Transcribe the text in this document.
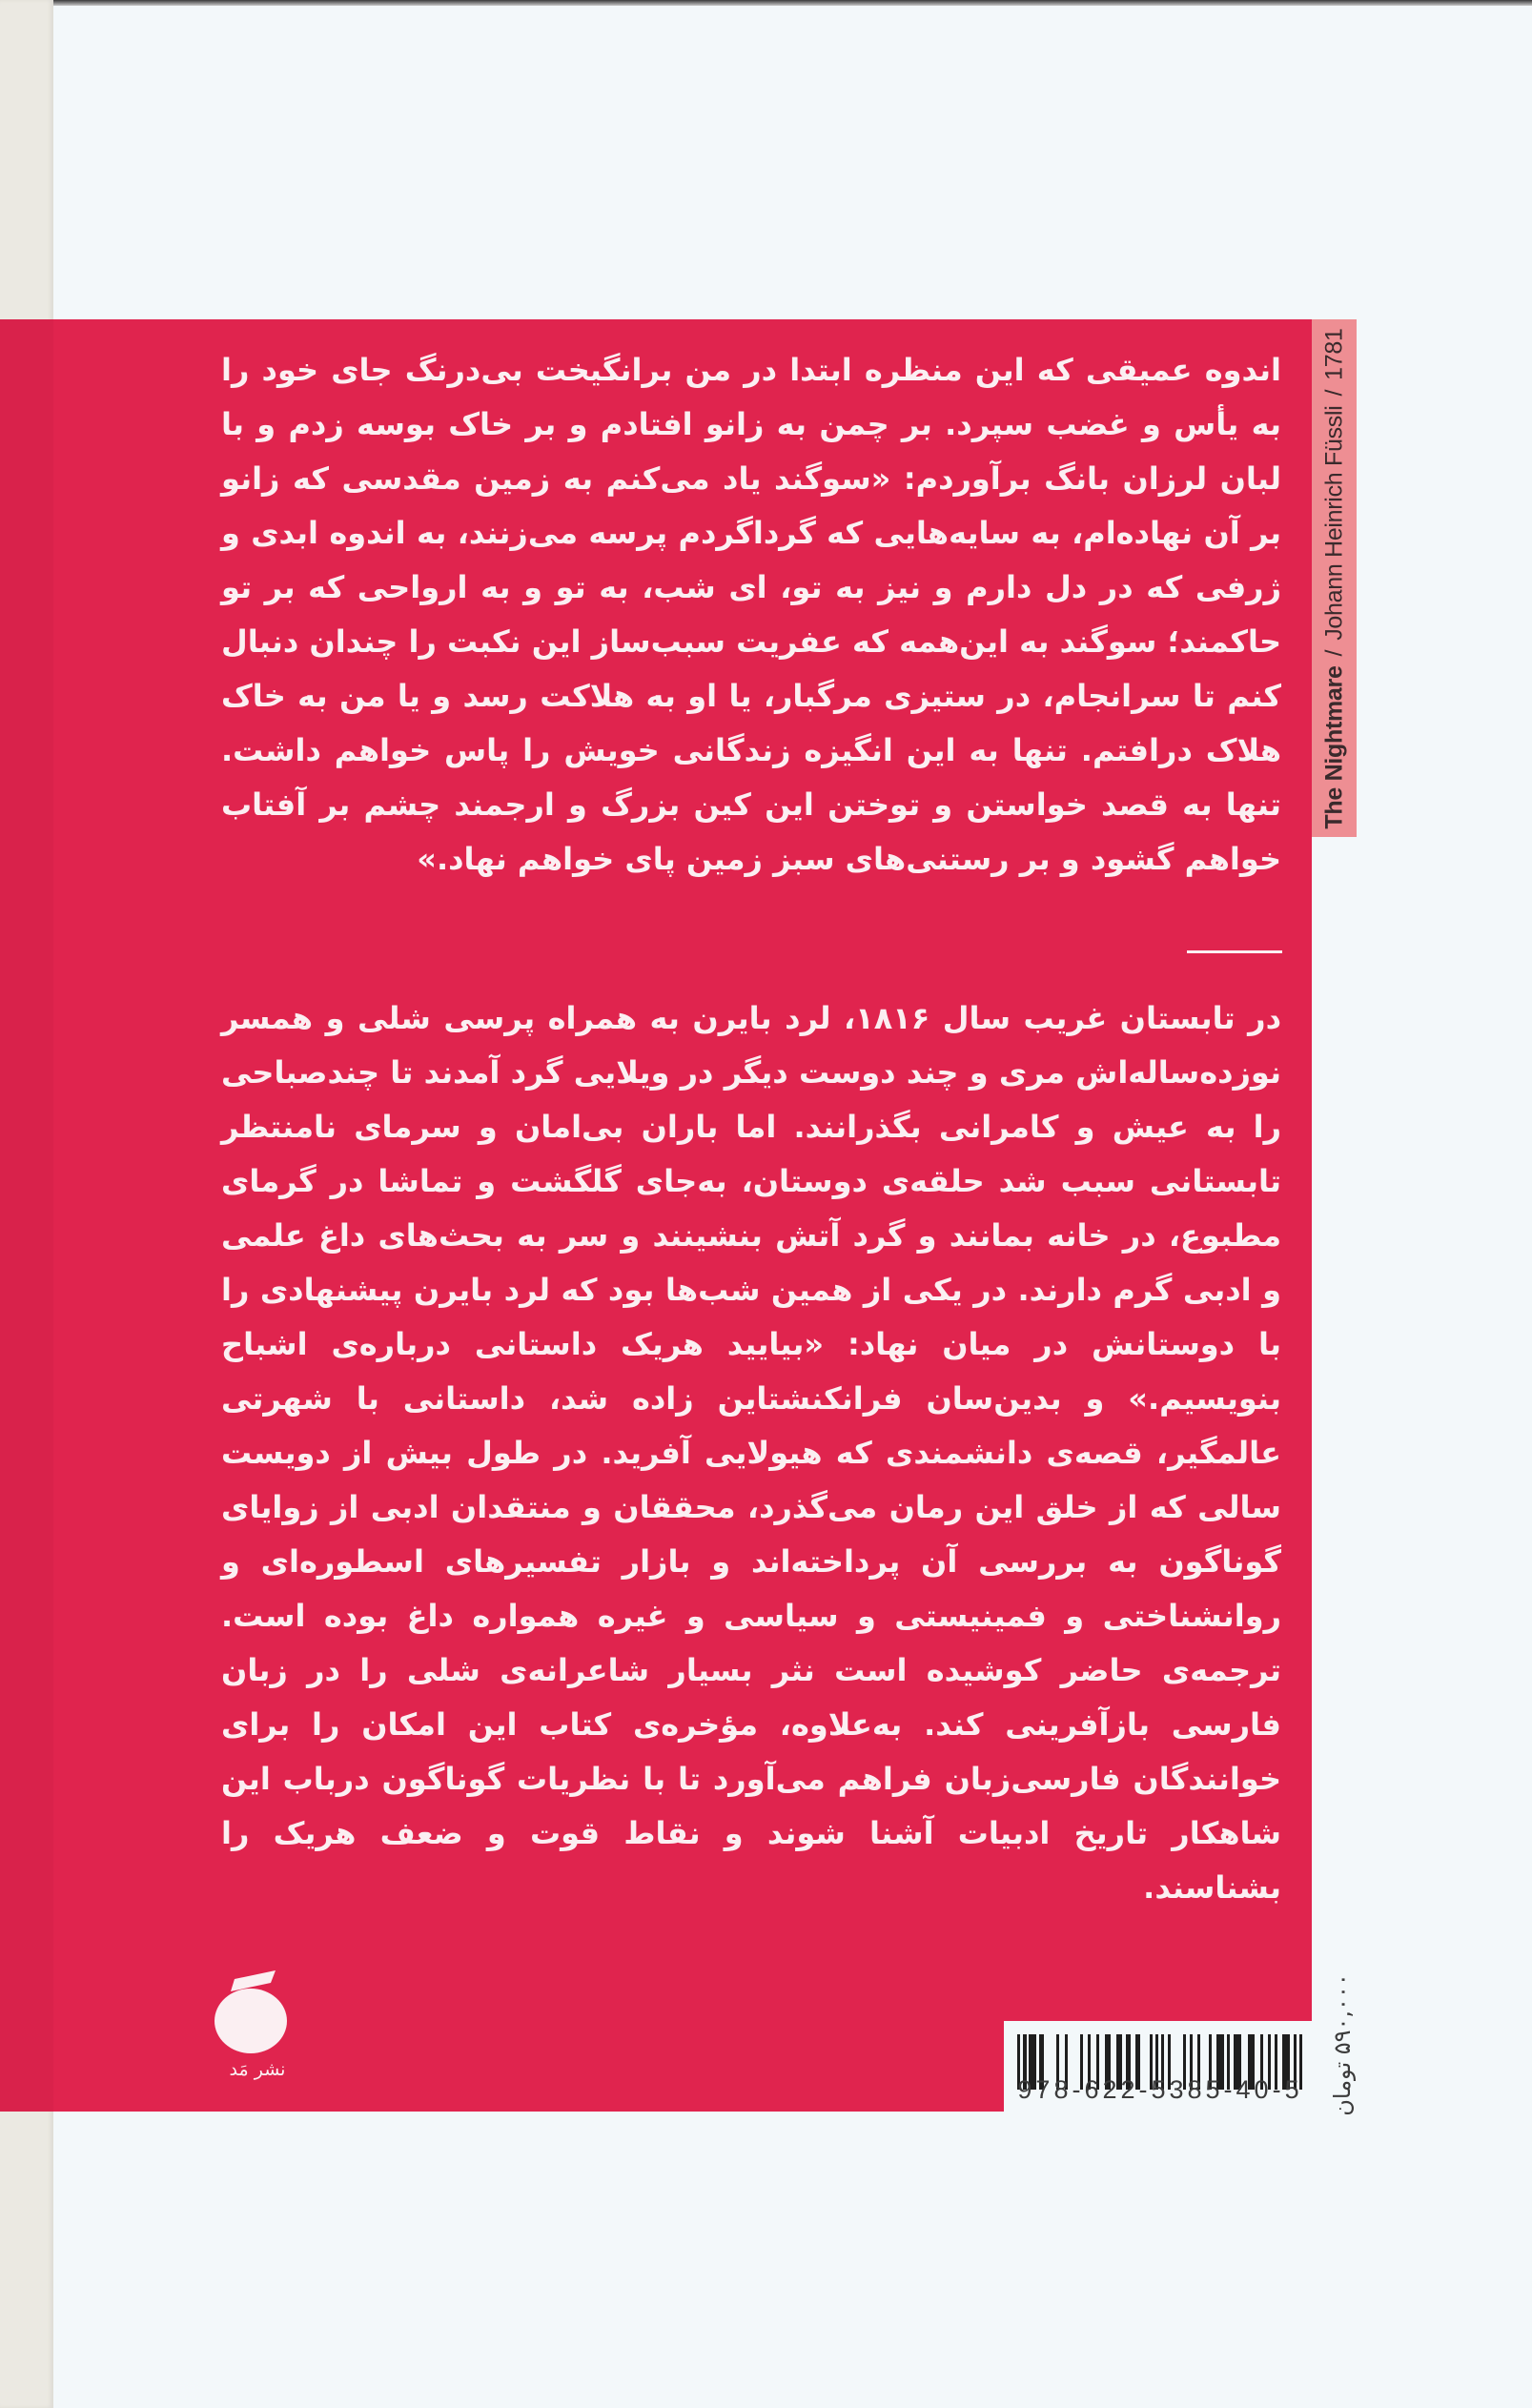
The Nightmare/Johann Heinrich Füssli/1781

اندوه عمیقی که این منظره ابتدا در من برانگیخت بی‌درنگ جای خود را به یأس و غضب سپرد. بر چمن به زانو افتادم و بر خاک بوسه زدم و با لبان لرزان بانگ برآوردم: «سوگند یاد می‌کنم به زمین مقدسی که زانو بر آن نهاده‌ام، به سایه‌هایی که گرداگردم پرسه می‌زنند، به اندوه ابدی و ژرفی که در دل دارم و نیز به تو، ای شب، به تو و به ارواحی که بر تو حاکمند؛ سوگند به این‌همه که عفریت سبب‌ساز این نکبت را چندان دنبال کنم تا سرانجام، در ستیزی مرگبار، یا او به هلاکت رسد و یا من به خاک هلاک درافتم. تنها به این انگیزه زندگانی خویش را پاس خواهم داشت. تنها به قصد خواستن و توختن این کین بزرگ و ارجمند چشم بر آفتاب خواهم گشود و بر رستنی‌های سبز زمین پای خواهم نهاد.»

در تابستان غریب سال ۱۸۱۶، لرد بایرن به همراه پرسی شلی و همسر نوزده‌ساله‌اش مری و چند دوست دیگر در ویلایی گرد آمدند تا چندصباحی را به عیش و کامرانی بگذرانند. اما باران بی‌امان و سرمای نامنتظر تابستانی سبب شد حلقه‌ی دوستان، به‌جای گلگشت و تماشا در گرمای مطبوع، در خانه بمانند و گرد آتش بنشینند و سر به بحث‌های داغ علمی و ادبی گرم دارند. در یکی از همین شب‌ها بود که لرد بایرن پیشنهادی را با دوستانش در میان نهاد: «بیایید هریک داستانی درباره‌ی اشباح بنویسیم.» و بدین‌سان فرانکنشتاین زاده شد، داستانی با شهرتی عالمگیر، قصه‌ی دانشمندی که هیولایی آفرید. در طول بیش از دویست سالی که از خلق این رمان می‌گذرد، محققان و منتقدان ادبی از زوایای گوناگون به بررسی آن پرداخته‌اند و بازار تفسیرهای اسطوره‌ای و روانشناختی و فمینیستی و سیاسی و غیره همواره داغ بوده است. ترجمه‌ی حاضر کوشیده است نثر بسیار شاعرانه‌ی شلی را در زبان فارسی بازآفرینی کند. به‌علاوه، مؤخره‌ی کتاب این امکان را برای خوانندگان فارسی‌زبان فراهم می‌آورد تا با نظریات گوناگون درباب این شاهکار تاریخ ادبیات آشنا شوند و نقاط قوت و ضعف هریک را بشناسند.

نشر مَد
978-622-5385-40-5 ۵۹۰,۰۰۰ تومان
